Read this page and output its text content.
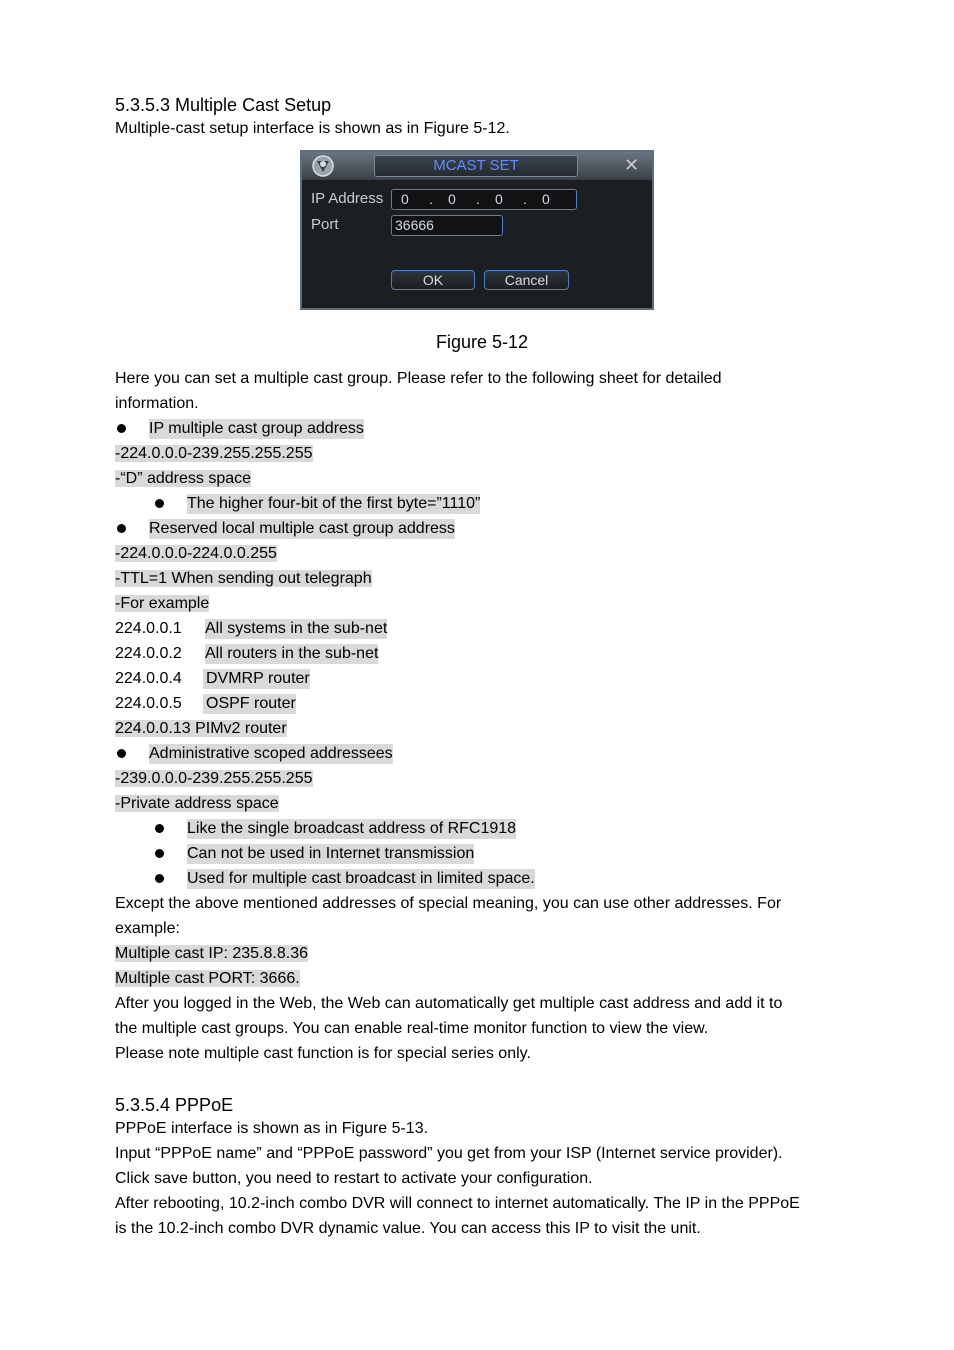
5.3.5.3 Multiple Cast Setup
Multiple-cast setup interface is shown as in Figure 5-12.
MCAST SET	✕
IP Address 0 . 0 . 0 . 0
Port	36666
OK	Cancel
Figure 5-12
Here you can set a multiple cast group. Please refer to the following sheet for detailed
information.
IP multiple cast group address
-224.0.0.0-239.255.255.255
-“D” address space
The higher four-bit of the first byte=”1110”
Reserved local multiple cast group address
-224.0.0.0-224.0.0.255
-TTL=1 When sending out telegraph
-For example
224.0.0.1 All systems in the sub-net
224.0.0.2 All routers in the sub-net
224.0.0.4 DVMRP router
224.0.0.5 OSPF router
224.0.0.13 PIMv2 router
Administrative scoped addressees
-239.0.0.0-239.255.255.255
-Private address space
Like the single broadcast address of RFC1918
Can not be used in Internet transmission
Used for multiple cast broadcast in limited space.
Except the above mentioned addresses of special meaning, you can use other addresses. For
example:
Multiple cast IP: 235.8.8.36
Multiple cast PORT: 3666.
After you logged in the Web, the Web can automatically get multiple cast address and add it to
the multiple cast groups. You can enable real-time monitor function to view the view.
Please note multiple cast function is for special series only.
5.3.5.4 PPPoE
PPPoE interface is shown as in Figure 5-13.
Input “PPPoE name” and “PPPoE password” you get from your ISP (Internet service provider).
Click save button, you need to restart to activate your configuration.
After rebooting, 10.2-inch combo DVR will connect to internet automatically. The IP in the PPPoE
is the 10.2-inch combo DVR dynamic value. You can access this IP to visit the unit.
